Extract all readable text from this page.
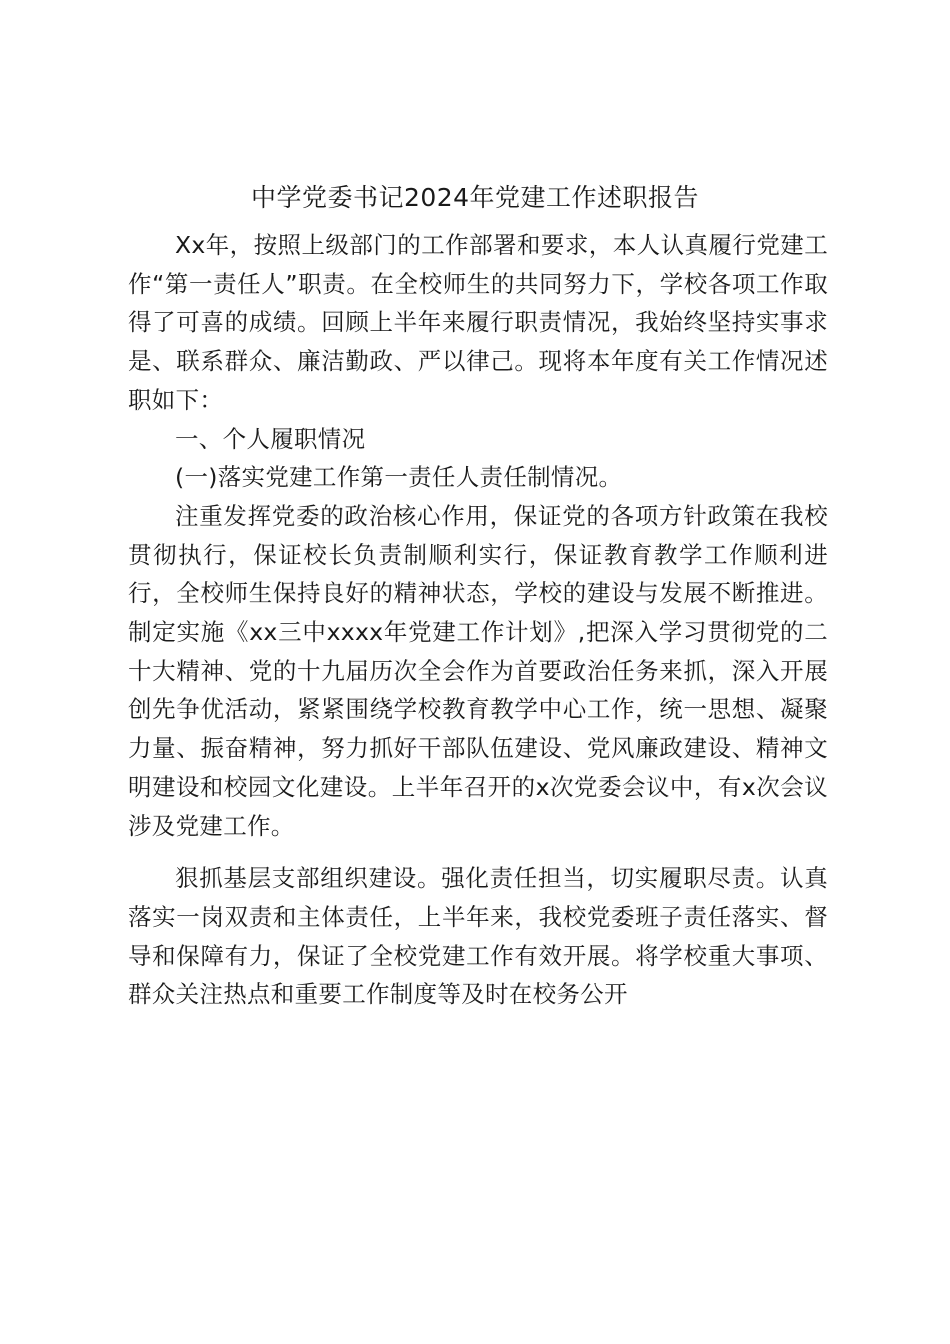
中学党委书记2024年党建工作述职报告

Xx年，按照上级部门的工作部署和要求，本人认真履行党建工作“第一责任人”职责。在全校师生的共同努力下，学校各项工作取得了可喜的成绩。回顾上半年来履行职责情况，我始终坚持实事求是、联系群众、廉洁勤政、严以律己。现将本年度有关工作情况述职如下：

一、个人履职情况

(一)落实党建工作第一责任人责任制情况。

注重发挥党委的政治核心作用，保证党的各项方针政策在我校贯彻执行，保证校长负责制顺利实行，保证教育教学工作顺利进行，全校师生保持良好的精神状态，学校的建设与发展不断推进。制定实施《xx三中xxxx年党建工作计划》,把深入学习贯彻党的二十大精神、党的十九届历次全会作为首要政治任务来抓，深入开展创先争优活动，紧紧围绕学校教育教学中心工作，统一思想、凝聚力量、振奋精神，努力抓好干部队伍建设、党风廉政建设、精神文明建设和校园文化建设。上半年召开的x次党委会议中，有x次会议涉及党建工作。

狠抓基层支部组织建设。强化责任担当，切实履职尽责。认真落实一岗双责和主体责任，上半年来，我校党委班子责任落实、督导和保障有力，保证了全校党建工作有效开展。将学校重大事项、群众关注热点和重要工作制度等及时在校务公开
